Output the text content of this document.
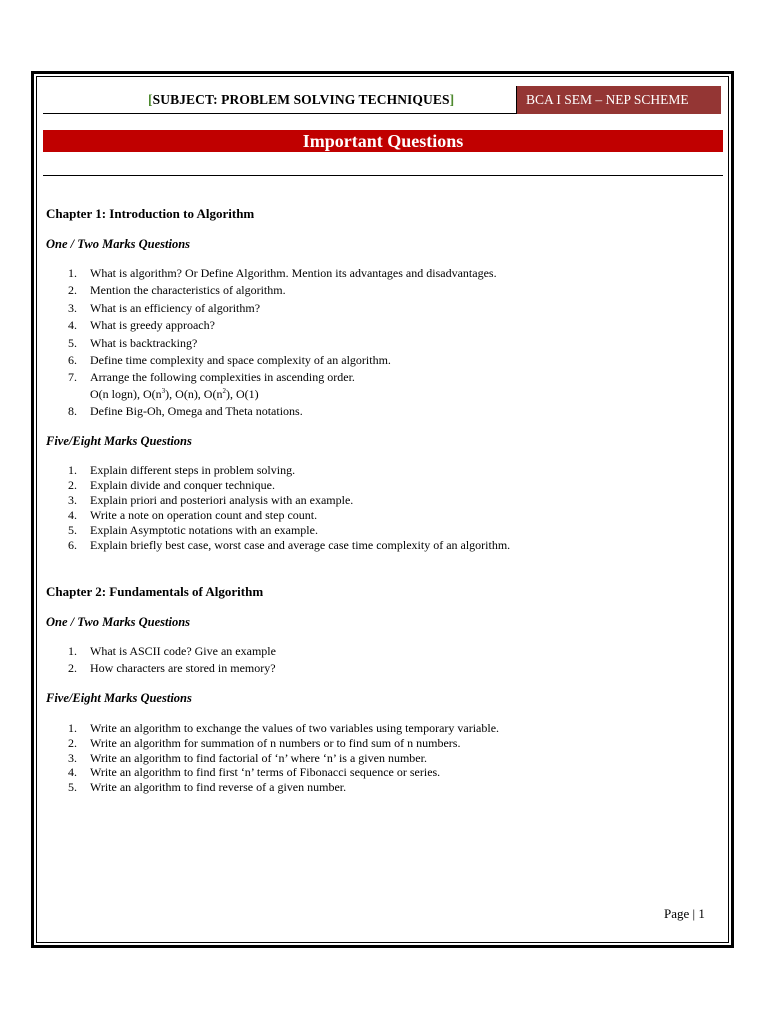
[SUBJECT: PROBLEM SOLVING TECHNIQUES]	BCA I SEM – NEP SCHEME
Important Questions
Chapter 1: Introduction to Algorithm
One / Two Marks Questions
1.	What is algorithm? Or Define Algorithm. Mention its advantages and disadvantages.
2.	Mention the characteristics of algorithm.
3.	What is an efficiency of algorithm?
4.	What is greedy approach?
5.	What is backtracking?
6.	Define time complexity and space complexity of an algorithm.
7.	Arrange the following complexities in ascending order.
O(n logn), $O(n^3)$, O(n), $O(n^2)$, O(1)
8.	Define Big-Oh, Omega and Theta notations.
Five/Eight Marks Questions
1.	Explain different steps in problem solving.
2.	Explain divide and conquer technique.
3.	Explain priori and posteriori analysis with an example.
4.	Write a note on operation count and step count.
5.	Explain Asymptotic notations with an example.
6.	Explain briefly best case, worst case and average case time complexity of an algorithm.
Chapter 2: Fundamentals of Algorithm
One / Two Marks Questions
1.	What is ASCII code? Give an example
2.	How characters are stored in memory?
Five/Eight Marks Questions
1.	Write an algorithm to exchange the values of two variables using temporary variable.
2.	Write an algorithm for summation of n numbers or to find sum of n numbers.
3.	Write an algorithm to find factorial of ‘n’ where ‘n’ is a given number.
4.	Write an algorithm to find first ‘n’ terms of Fibonacci sequence or series.
5.	Write an algorithm to find reverse of a given number.
Page | 1
